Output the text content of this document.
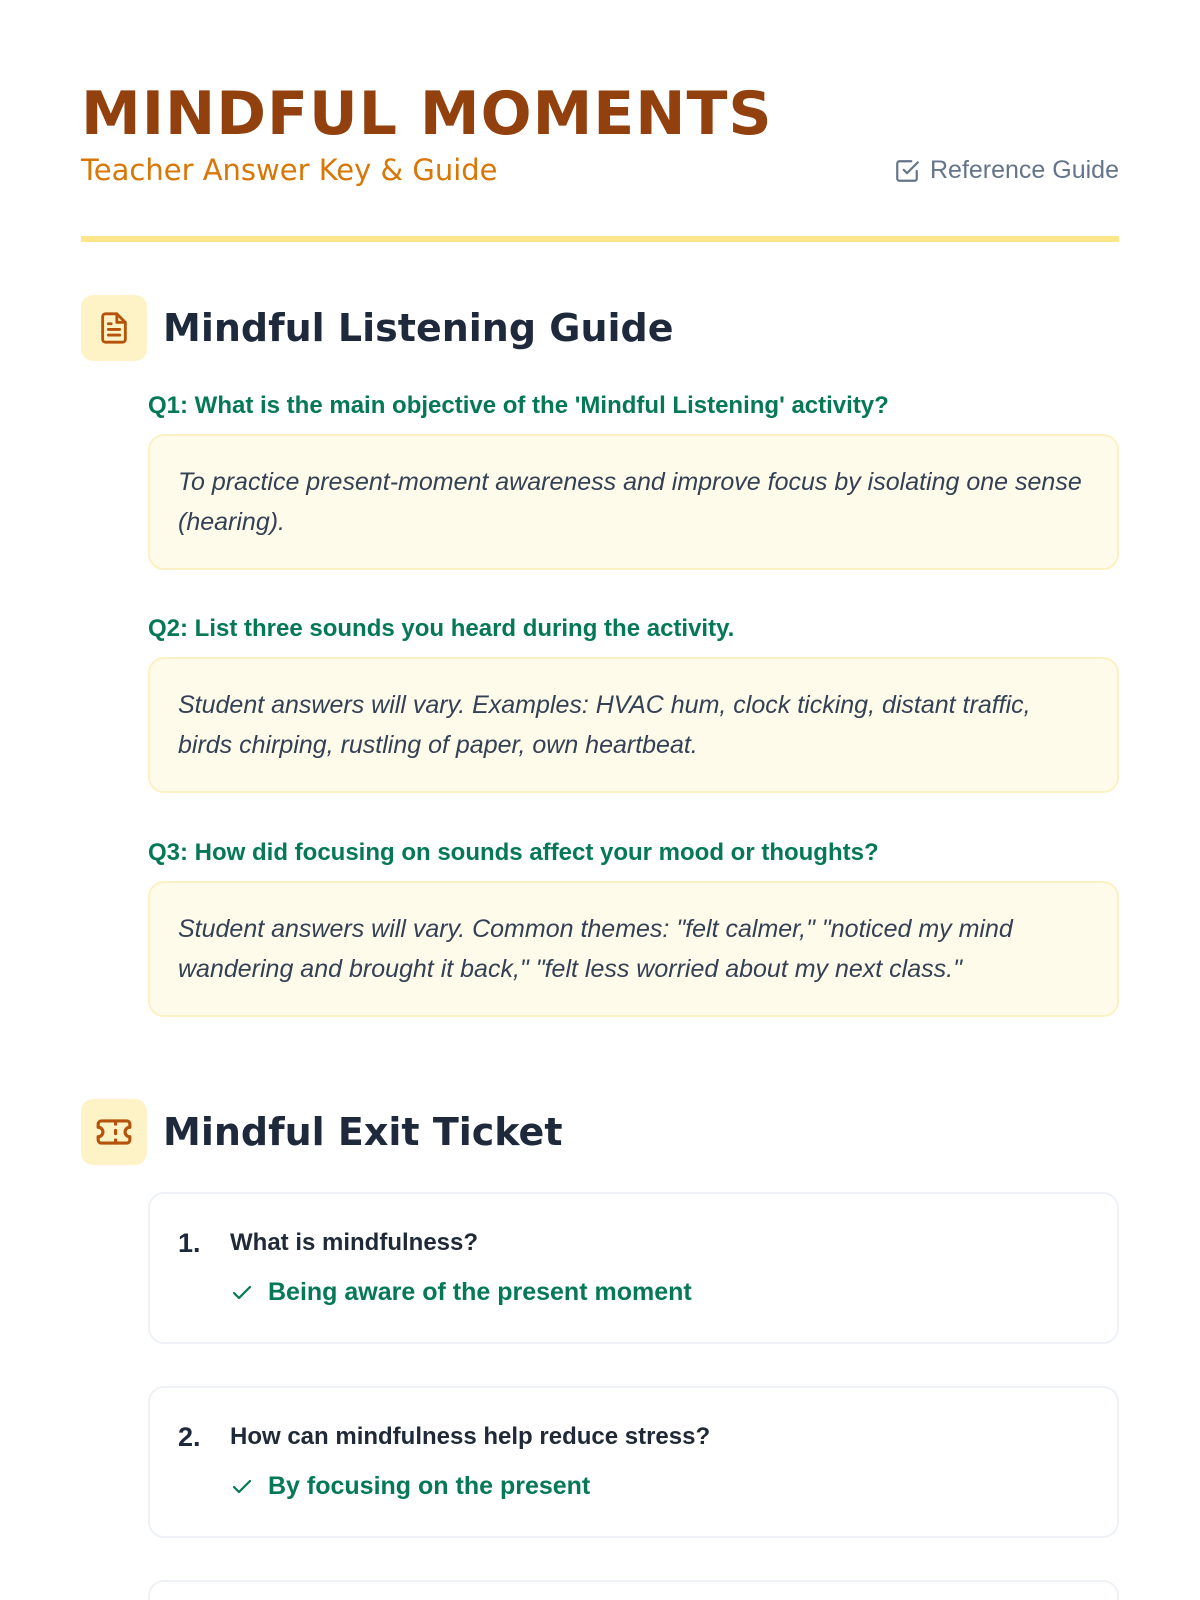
MINDFUL MOMENTS
Teacher Answer Key & Guide	Reference Guide
Mindful Listening Guide
Q1: What is the main objective of the 'Mindful Listening' activity?
To practice present-moment awareness and improve focus by isolating one sense (hearing).
Q2: List three sounds you heard during the activity.
Student answers will vary. Examples: HVAC hum, clock ticking, distant traffic, birds chirping, rustling of paper, own heartbeat.
Q3: How did focusing on sounds affect your mood or thoughts?
Student answers will vary. Common themes: "felt calmer," "noticed my mind wandering and brought it back," "felt less worried about my next class."
Mindful Exit Ticket
1.	What is mindfulness?
Being aware of the present moment
2.	How can mindfulness help reduce stress?
By focusing on the present
